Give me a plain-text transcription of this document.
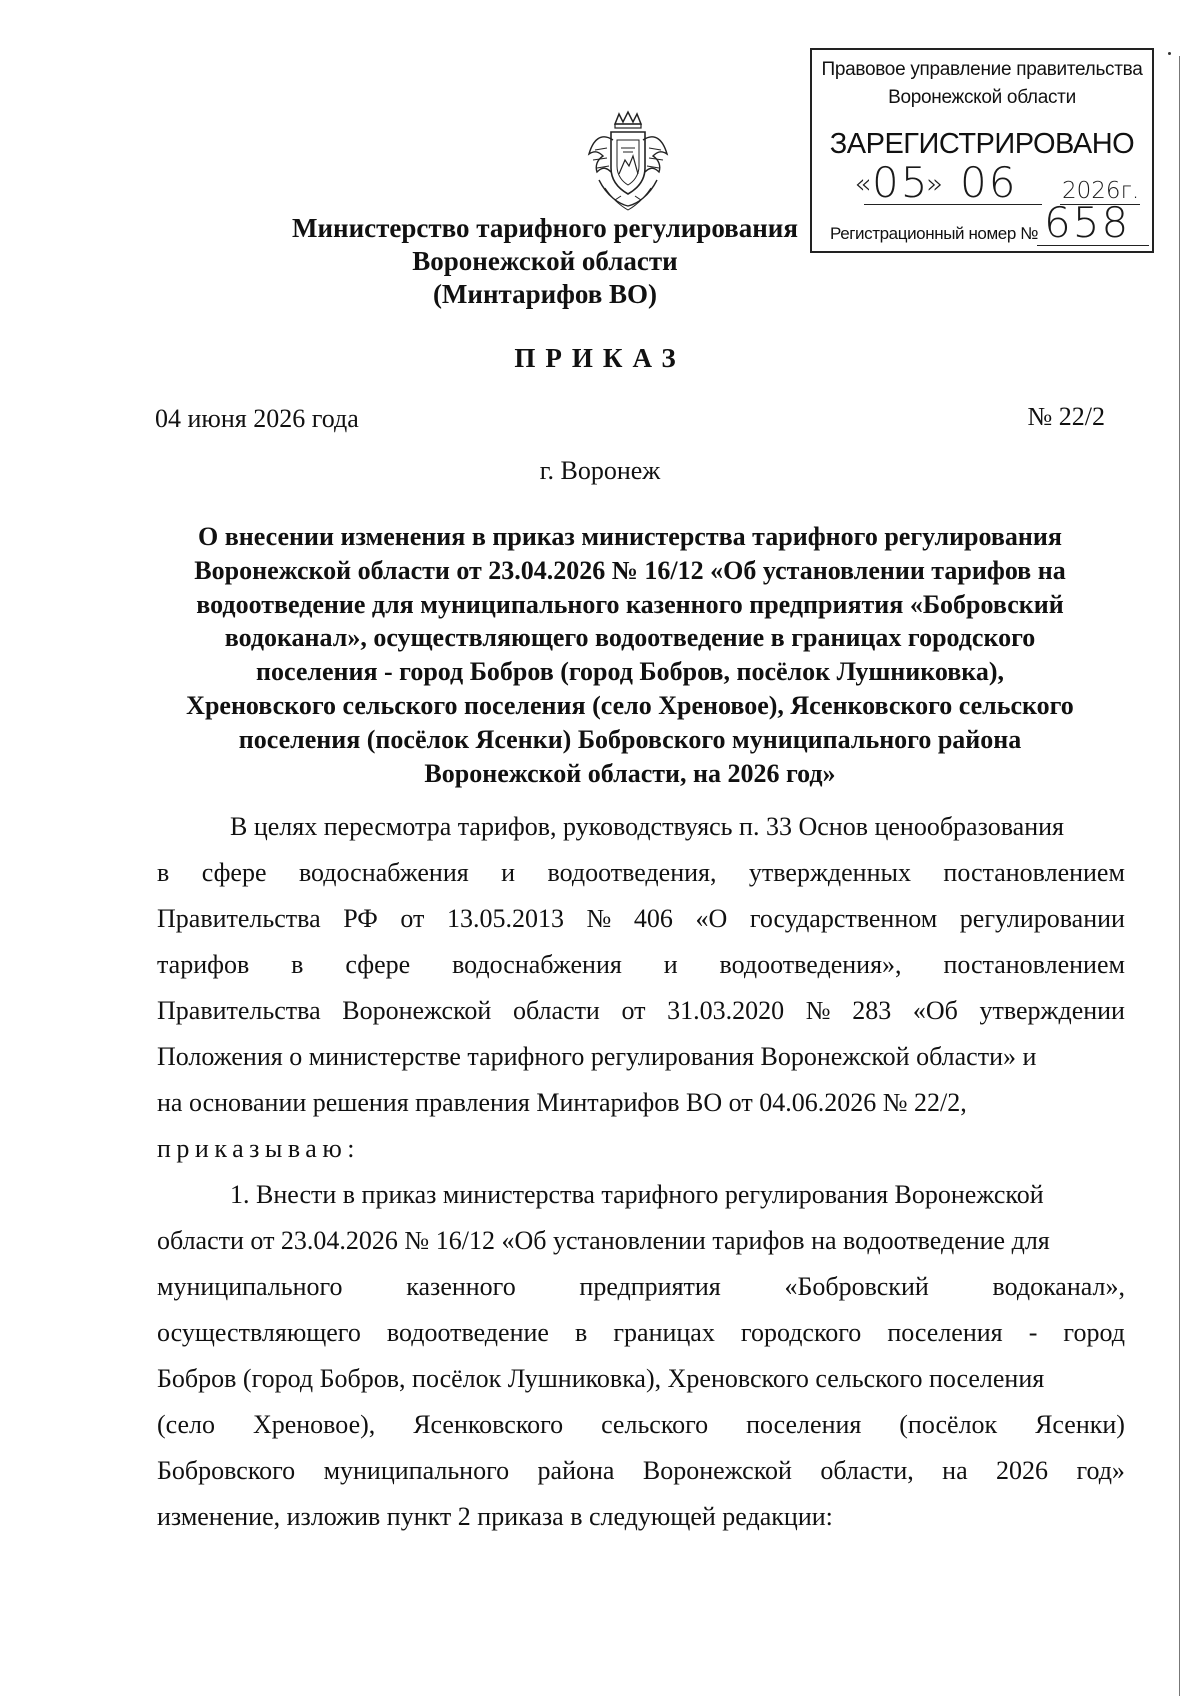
Правовое управление правительства
Воронежской области
ЗАРЕГИСТРИРОВАНО
« 05
» 06 2026г.
Регистрационный номер № 658
Министерство тарифного регулирования
Воронежской области
(Минтарифов ВО)
ПРИКАЗ
04 июня 2026 года	№ 22/2
г. Воронеж
О внесении изменения в приказ министерства тарифного регулирования
Воронежской области от 23.04.2026 № 16/12 «Об установлении тарифов на
водоотведение для муниципального казенного предприятия «Бобровский
водоканал», осуществляющего водоотведение в границах городского
поселения - город Бобров (город Бобров, посёлок Лушниковка),
Хреновского сельского поселения (село Хреновое), Ясенковского сельского
поселения (посёлок Ясенки) Бобровского муниципального района
Воронежской области, на 2026 год»
В целях пересмотра тарифов, руководствуясь п. 33 Основ ценообразования
в сфере водоснабжения и водоотведения, утвержденных постановлением
Правительства РФ от 13.05.2013 № 406 «О государственном регулировании
тарифов в сфере водоснабжения и водоотведения», постановлением
Правительства Воронежской области от 31.03.2020 № 283 «Об утверждении
Положения о министерстве тарифного регулирования Воронежской области» и
на основании решения правления Минтарифов ВО от 04.06.2026 № 22/2,
приказываю:
1. Внести в приказ министерства тарифного регулирования Воронежской
области от 23.04.2026 № 16/12 «Об установлении тарифов на водоотведение для
муниципального казенного предприятия «Бобровский водоканал»,
осуществляющего водоотведение в границах городского поселения - город
Бобров (город Бобров, посёлок Лушниковка), Хреновского сельского поселения
(село Хреновое), Ясенковского сельского поселения (посёлок Ясенки)
Бобровского муниципального района Воронежской области, на 2026 год»
изменение, изложив пункт 2 приказа в следующей редакции:
